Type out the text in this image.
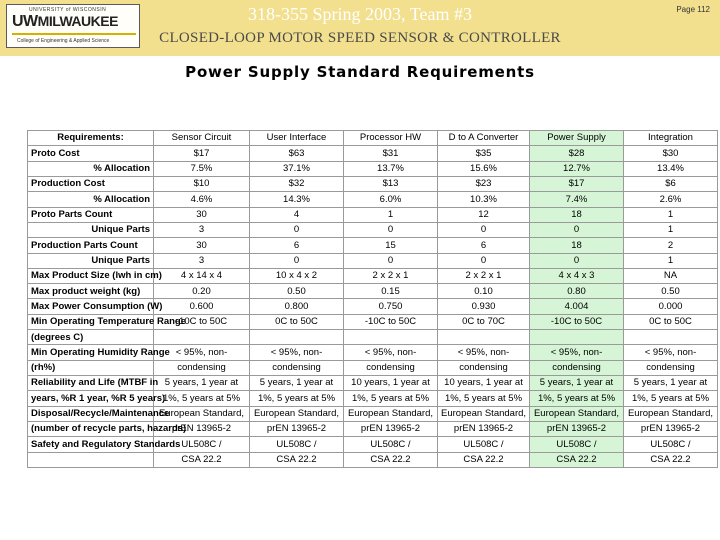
UNIVERSITY of WISCONSIN
UWMILWAUKEE
College of Engineering & Applied Science
318-355 Spring 2003, Team #3
CLOSED-LOOP MOTOR SPEED SENSOR & CONTROLLER
Page 112
Power Supply Standard Requirements
Requirements:	Sensor Circuit	User Interface	Processor HW	D to A Converter	Power Supply	Integration
Proto Cost	$17	$63	$31	$35	$28	$30
% Allocation	7.5%	37.1%	13.7%	15.6%	12.7%	13.4%
Production Cost	$10	$32	$13	$23	$17	$6
% Allocation	4.6%	14.3%	6.0%	10.3%	7.4%	2.6%
Proto Parts Count	30	4	1	12	18	1
Unique Parts	3	0	0	0	0	1
Production Parts Count	30	6	15	6	18	2
Unique Parts	3	0	0	0	0	1
Max Product Size (lwh in cm)	4 x 14 x 4	10 x 4 x 2	2 x 2 x 1	2 x 2 x 1	4 x 4 x 3	NA
Max product weight (kg)	0.20	0.50	0.15	0.10	0.80	0.50
Max Power Consumption (W)	0.600	0.800	0.750	0.930	4.004	0.000
Min Operating Temperature Range	-10C to 50C	0C to 50C	-10C to 50C	0C to 70C	-10C to 50C	0C to 50C
(degrees C)						
Min Operating Humidity Range	< 95%, non-	< 95%, non-	< 95%, non-	< 95%, non-	< 95%, non-	< 95%, non-
(rh%)	condensing	condensing	condensing	condensing	condensing	condensing
Reliability and Life (MTBF in	5 years, 1 year at	5 years, 1 year at	10 years, 1 year at	10 years, 1 year at	5 years, 1 year at	5 years, 1 year at
years, %R 1 year, %R 5 years)	1%, 5 years at 5%	1%, 5 years at 5%	1%, 5 years at 5%	1%, 5 years at 5%	1%, 5 years at 5%	1%, 5 years at 5%
Disposal/Recycle/Maintenance	European Standard,	European Standard,	European Standard,	European Standard,	European Standard,	European Standard,
(number of recycle parts, hazards)	prEN 13965-2	prEN 13965-2	prEN 13965-2	prEN 13965-2	prEN 13965-2	prEN 13965-2
Safety and Regulatory Standards	UL508C /	UL508C /	UL508C /	UL508C /	UL508C /	UL508C /
	CSA 22.2	CSA 22.2	CSA 22.2	CSA 22.2	CSA 22.2	CSA 22.2
